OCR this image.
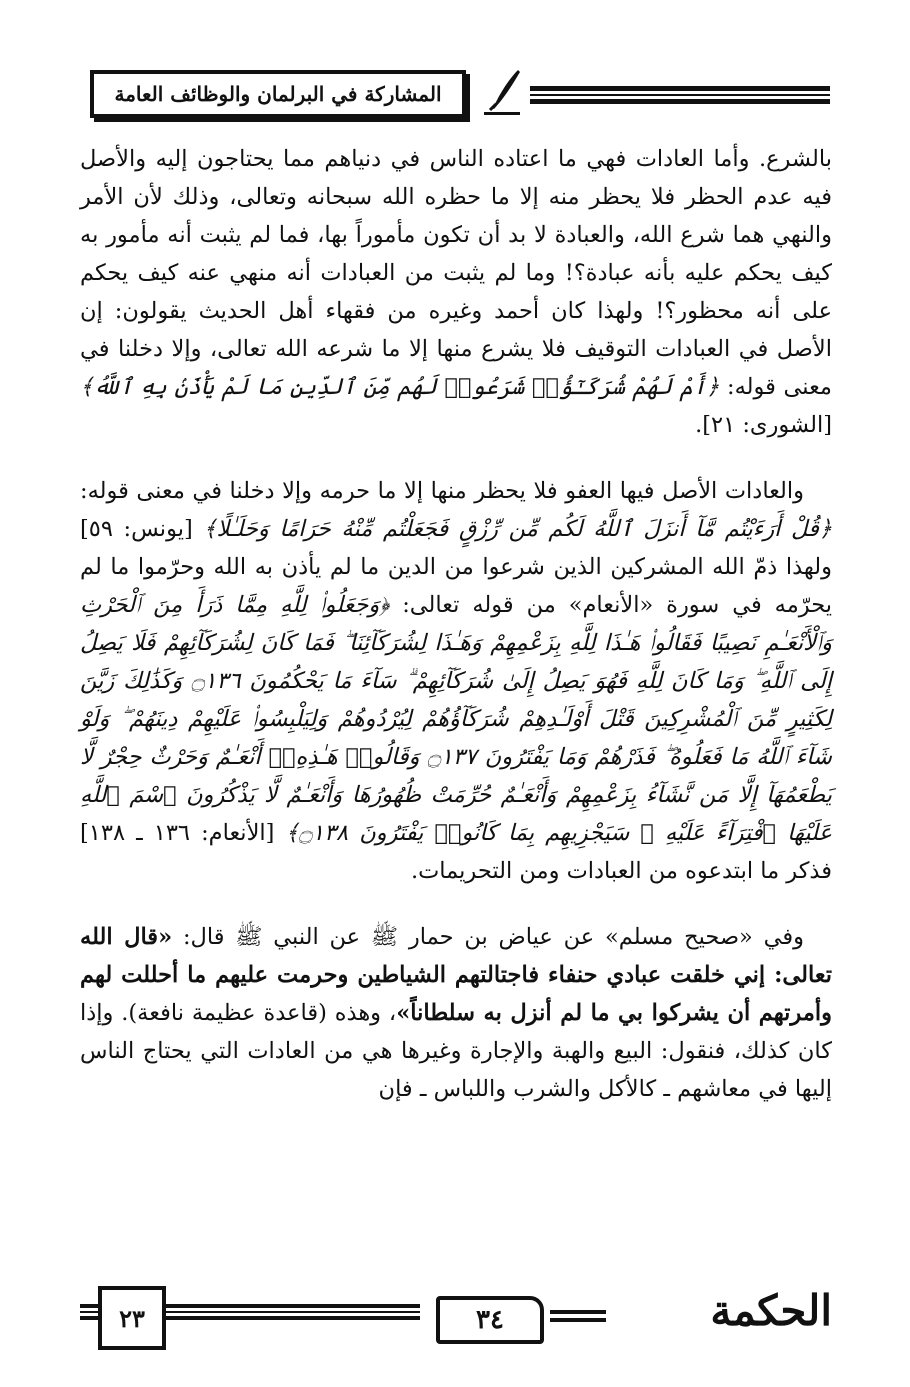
المشاركة في البرلمان والوظائف العامة

بالشرع. وأما العادات فهي ما اعتاده الناس في دنياهم مما يحتاجون إليه والأصل فيه عدم الحظر فلا يحظر منه إلا ما حظره الله سبحانه وتعالى، وذلك لأن الأمر والنهي هما شرع الله، والعبادة لا بد أن تكون مأموراً بها، فما لم يثبت أنه مأمور به كيف يحكم عليه بأنه عبادة؟! وما لم يثبت من العبادات أنه منهي عنه كيف يحكم على أنه محظور؟! ولهذا كان أحمد وغيره من فقهاء أهل الحديث يقولون: إن الأصل في العبادات التوقيف فلا يشرع منها إلا ما شرعه الله تعالى، وإلا دخلنا في معنى قوله: ﴿أَمْ لَهُمْ شُرَكَـٰٓؤُا۟ شَرَعُوا۟ لَهُم مِّنَ ٱلدِّينِ مَا لَمْ يَأْذَنۢ بِهِ ٱللَّهُ﴾ [الشورى: ٢١].

والعادات الأصل فيها العفو فلا يحظر منها إلا ما حرمه وإلا دخلنا في معنى قوله: ﴿قُلْ أَرَءَيْتُم مَّآ أَنزَلَ ٱللَّهُ لَكُم مِّن رِّزْقٍ فَجَعَلْتُم مِّنْهُ حَرَامًا وَحَلَـٰلًا﴾ [يونس: ٥٩] ولهذا ذمّ الله المشركين الذين شرعوا من الدين ما لم يأذن به الله وحرّموا ما لم يحرّمه في سورة «الأنعام» من قوله تعالى: ﴿وَجَعَلُوا۟ لِلَّهِ مِمَّا ذَرَأَ مِنَ ٱلْحَرْثِ وَٱلْأَنْعَـٰمِ نَصِيبًا فَقَالُوا۟ هَـٰذَا لِلَّهِ بِزَعْمِهِمْ وَهَـٰذَا لِشُرَكَآئِنَا ۖ فَمَا كَانَ لِشُرَكَآئِهِمْ فَلَا يَصِلُ إِلَى ٱللَّهِ ۖ وَمَا كَانَ لِلَّهِ فَهُوَ يَصِلُ إِلَىٰ شُرَكَآئِهِمْ ۗ سَآءَ مَا يَحْكُمُونَ ۝١٣٦ وَكَذَٰلِكَ زَيَّنَ لِكَثِيرٍ مِّنَ ٱلْمُشْرِكِينَ قَتْلَ أَوْلَـٰدِهِمْ شُرَكَآؤُهُمْ لِيُرْدُوهُمْ وَلِيَلْبِسُوا۟ عَلَيْهِمْ دِينَهُمْ ۖ وَلَوْ شَآءَ ٱللَّهُ مَا فَعَلُوهُ ۖ فَذَرْهُمْ وَمَا يَفْتَرُونَ ۝١٣٧ وَقَالُوا۟ هَـٰذِهِۦٓ أَنْعَـٰمٌ وَحَرْثٌ حِجْرٌ لَّا يَطْعَمُهَآ إِلَّا مَن نَّشَآءُ بِزَعْمِهِمْ وَأَنْعَـٰمٌ حُرِّمَتْ ظُهُورُهَا وَأَنْعَـٰمٌ لَّا يَذْكُرُونَ ٱسْمَ ٱللَّهِ عَلَيْهَا ٱفْتِرَآءً عَلَيْهِ ۚ سَيَجْزِيهِم بِمَا كَانُوا۟ يَفْتَرُونَ ۝١٣٨﴾ [الأنعام: ١٣٦ ـ ١٣٨] فذكر ما ابتدعوه من العبادات ومن التحريمات.

وفي «صحيح مسلم» عن عياض بن حمار ﷺ عن النبي ﷺ قال: «قال الله تعالى: إني خلقت عبادي حنفاء فاجتالتهم الشياطين وحرمت عليهم ما أحللت لهم وأمرتهم أن يشركوا بي ما لم أنزل به سلطاناً»، وهذه (قاعدة عظيمة نافعة). وإذا كان كذلك، فنقول: البيع والهبة والإجارة وغيرها هي من العادات التي يحتاج الناس إليها في معاشهم ـ كالأكل والشرب واللباس ـ فإن

٢٣	٣٤	الحكمة
